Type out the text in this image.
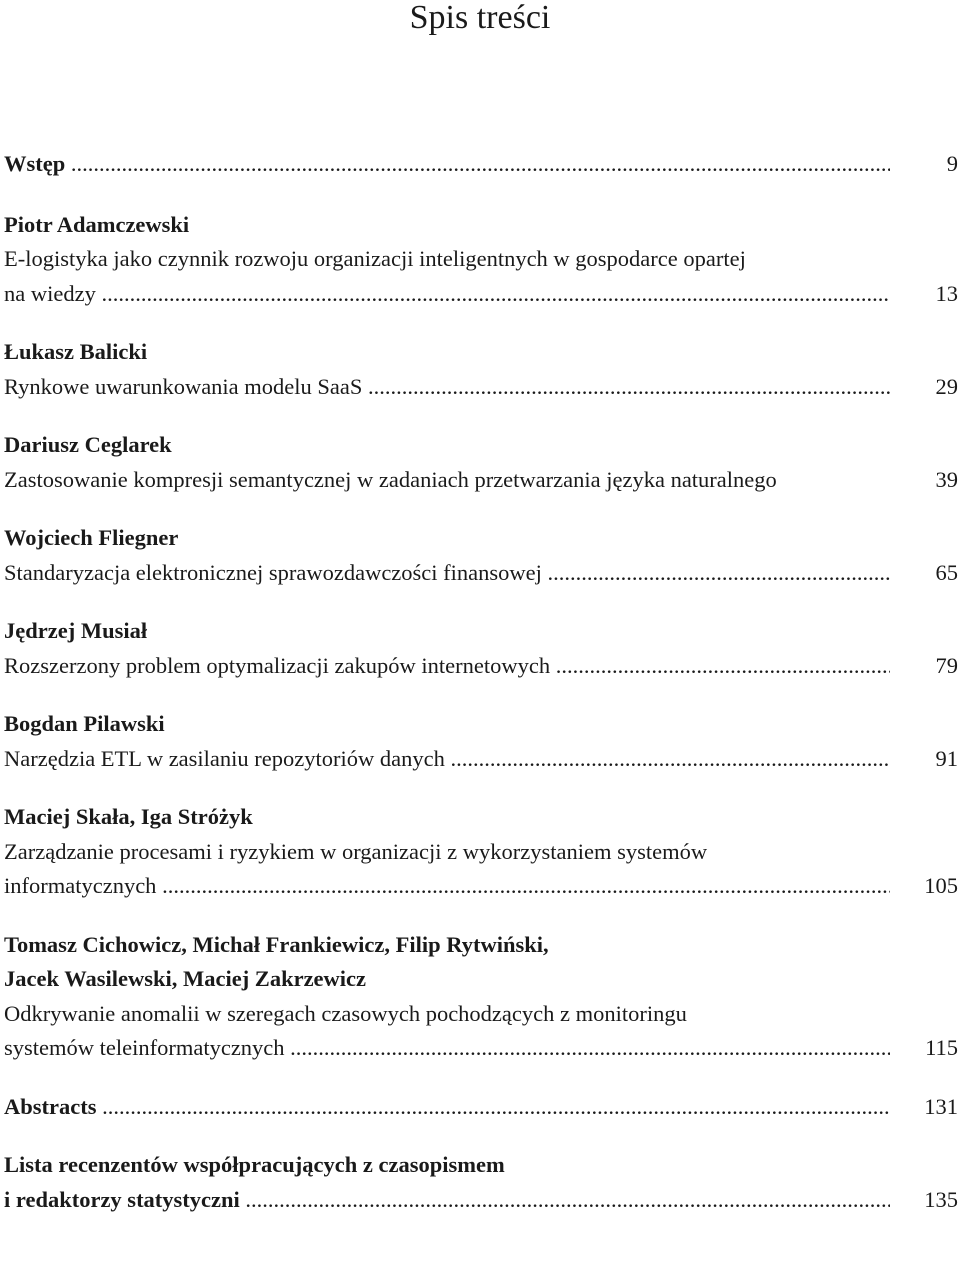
Spis treści
Wstęp .....	9
Piotr Adamczewski
E-logistyka jako czynnik rozwoju organizacji inteligentnych w gospodarce opartej
na wiedzy .....	13
Łukasz Balicki
Rynkowe uwarunkowania modelu SaaS .....	29
Dariusz Ceglarek
Zastosowanie kompresji semantycznej w zadaniach przetwarzania języka naturalnego	39
Wojciech Fliegner
Standaryzacja elektronicznej sprawozdawczości finansowej .....	65
Jędrzej Musiał
Rozszerzony problem optymalizacji zakupów internetowych .....	79
Bogdan Pilawski
Narzędzia ETL w zasilaniu repozytoriów danych .....	91
Maciej Skała, Iga Stróżyk
Zarządzanie procesami i ryzykiem w organizacji z wykorzystaniem systemów
informatycznych .....	105
Tomasz Cichowicz, Michał Frankiewicz, Filip Rytwiński,
Jacek Wasilewski, Maciej Zakrzewicz
Odkrywanie anomalii w szeregach czasowych pochodzących z monitoringu
systemów teleinformatycznych .....	115
Abstracts .....	131
Lista recenzentów współpracujących z czasopismem
i redaktorzy statystyczni .....	135
